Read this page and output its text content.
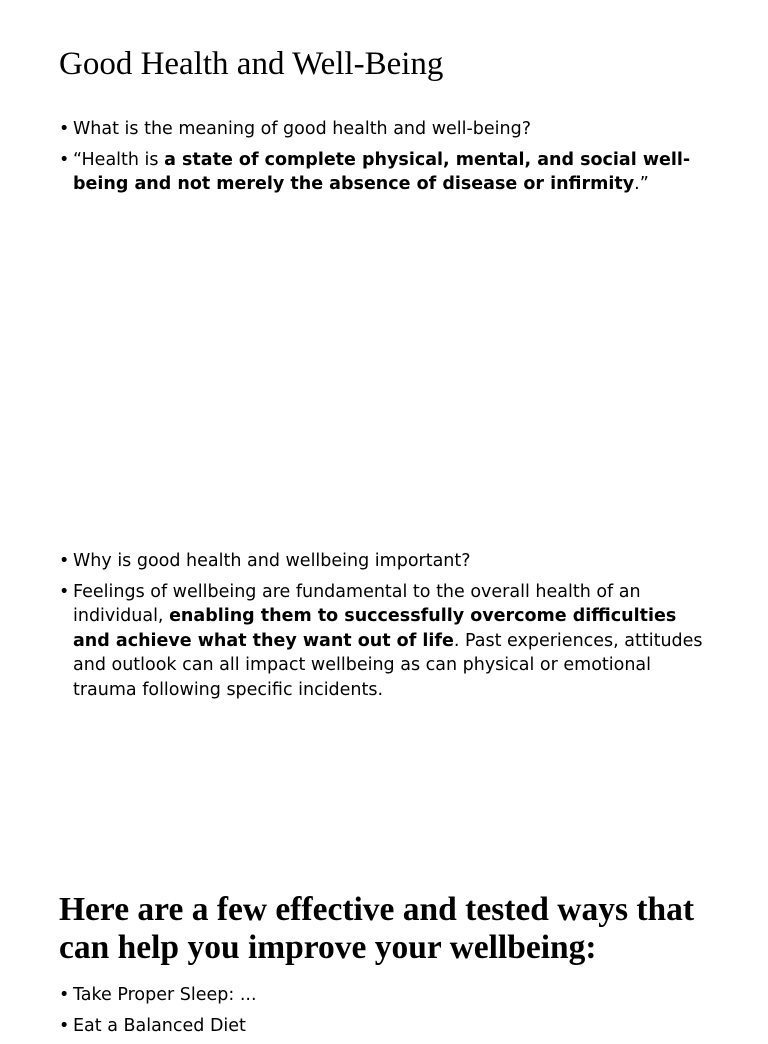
Good Health and Well-Being
• What is the meaning of good health and well-being?
• “Health is a state of complete physical, mental, and social well-being and not merely the absence of disease or infirmity.”
• Why is good health and wellbeing important?
• Feelings of wellbeing are fundamental to the overall health of an individual, enabling them to successfully overcome difficulties and achieve what they want out of life. Past experiences, attitudes and outlook can all impact wellbeing as can physical or emotional trauma following specific incidents.
Here are a few effective and tested ways that can help you improve your wellbeing:
• Take Proper Sleep: ...
• Eat a Balanced Diet
